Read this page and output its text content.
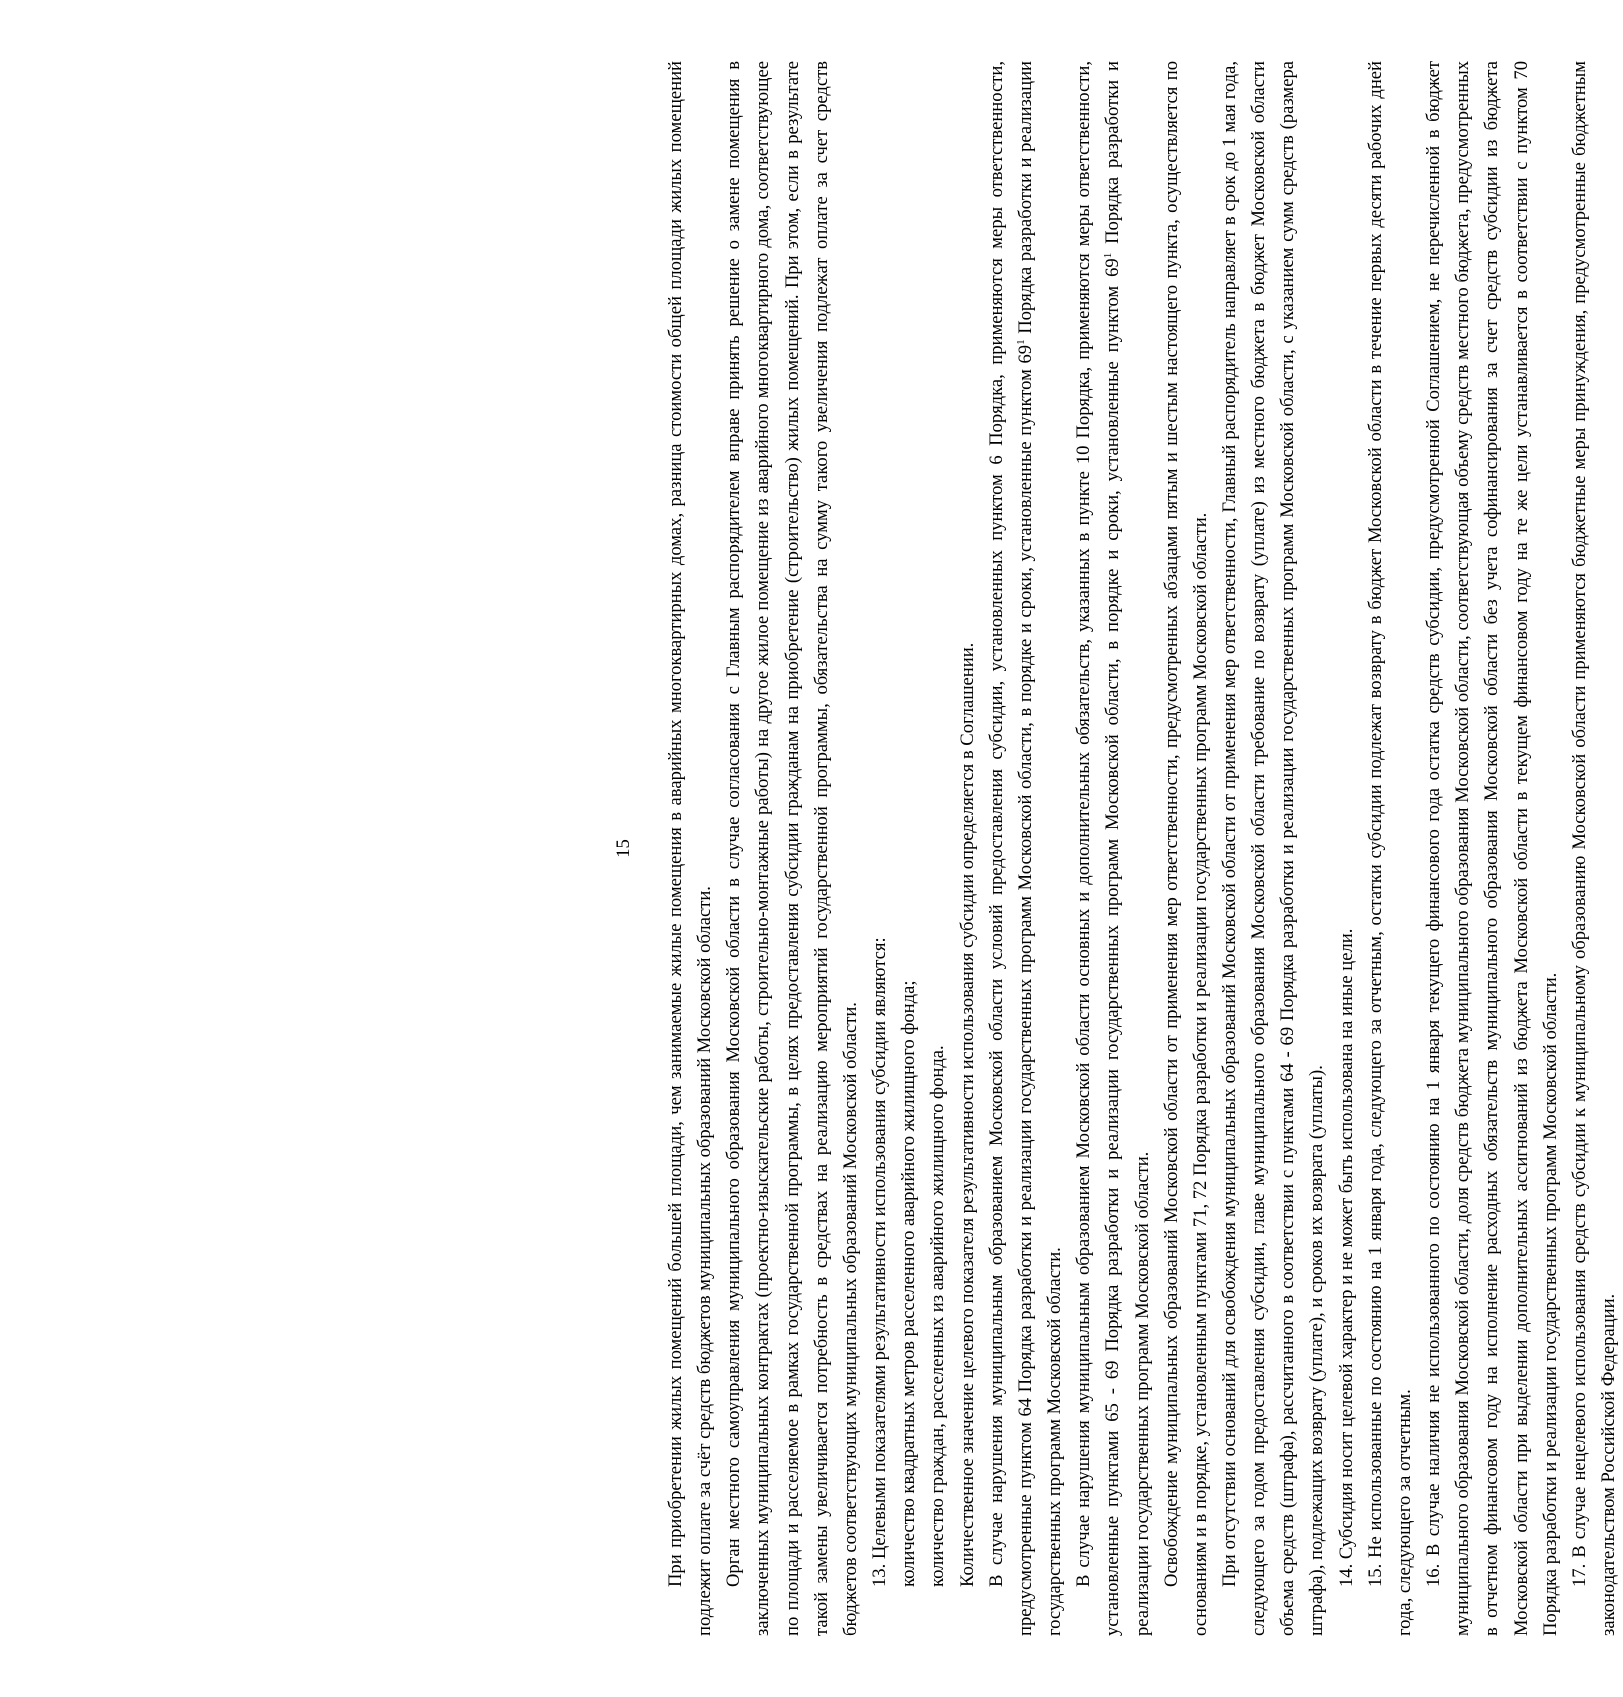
15 При приобретении жилых помещений большей площади, чем занимаемые жилые помещения в аварийных многоквартирных домах, разница стоимости общей площади жилых помещений подлежит оплате за счёт средств бюджетов муниципальных образований Московской области. Орган местного самоуправления муниципального образования Московской области в случае согласования с Главным распорядителем вправе принять решение о замене помещения в заключенных муниципальных контрактах (проектно-изыскательские работы, строительно-монтажные работы) на другое жилое помещение из аварийного многоквартирного дома, соответствующее по площади и расселяемое в рамках государственной программы, в целях предоставления субсидии гражданам на приобретение (строительство) жилых помещений. При этом, если в результате такой замены увеличивается потребность в средствах на реализацию мероприятий государственной программы, обязательства на сумму такого увеличения подлежат оплате за счет средств бюджетов соответствующих муниципальных образований Московской области. 13. Целевыми показателями результативности использования субсидии являются: количество квадратных метров расселенного аварийного жилищного фонда; количество граждан, расселенных из аварийного жилищного фонда. Количественное значение целевого показателя результативности использования субсидии определяется в Соглашении. В случае нарушения муниципальным образованием Московской области условий предоставления субсидии, установленных пунктом 6 Порядка, применяются меры ответственности, предусмотренные пунктом 64 Порядка разработки и реализации государственных программ Московской области, в порядке и сроки, установленные пунктом $69^1$ Порядка разработки и реализации государственных программ Московской области. В случае нарушения муниципальным образованием Московской области основных и дополнительных обязательств, указанных в пункте 10 Порядка, применяются меры ответственности, установленные пунктами 65 - 69 Порядка разработки и реализации государственных программ Московской области, в порядке и сроки, установленные пунктом $69^1$ Порядка разработки и реализации государственных программ Московской области. Освобождение муниципальных образований Московской области от применения мер ответственности, предусмотренных абзацами пятым и шестым настоящего пункта, осуществляется по основаниям и в порядке, установленным пунктами 71, 72 Порядка разработки и реализации государственных программ Московской области. При отсутствии оснований для освобождения муниципальных образований Московской области от применения мер ответственности, Главный распорядитель направляет в срок до 1 мая года, следующего за годом предоставления субсидии, главе муниципального образования Московской области требование по возврату (уплате) из местного бюджета в бюджет Московской области объема средств (штрафа), рассчитанного в соответствии с пунктами 64 - 69 Порядка разработки и реализации государственных программ Московской области, с указанием сумм средств (размера штрафа), подлежащих возврату (уплате), и сроков их возврата (уплаты). 14. Субсидия носит целевой характер и не может быть использована на иные цели. 15. Не использованные по состоянию на 1 января года, следующего за отчетным, остатки субсидии подлежат возврату в бюджет Московской области в течение первых десяти рабочих дней года, следующего за отчетным. 16. В случае наличия не использованного по состоянию на 1 января текущего финансового года остатка средств субсидии, предусмотренной Соглашением, не перечисленной в бюджет муниципального образования Московской области, доля средств бюджета муниципального образования Московской области, соответствующая объему средств местного бюджета, предусмотренных в отчетном финансовом году на исполнение расходных обязательств муниципального образования Московской области без учета софинансирования за счет средств субсидии из бюджета Московской области при выделении дополнительных ассигнований из бюджета Московской области в текущем финансовом году на те же цели устанавливается в соответствии с пунктом 70 Порядка разработки и реализации государственных программ Московской области. 17. В случае нецелевого использования средств субсидии к муниципальному образованию Московской области применяются бюджетные меры принуждения, предусмотренные бюджетным законодательством Российской Федерации.
